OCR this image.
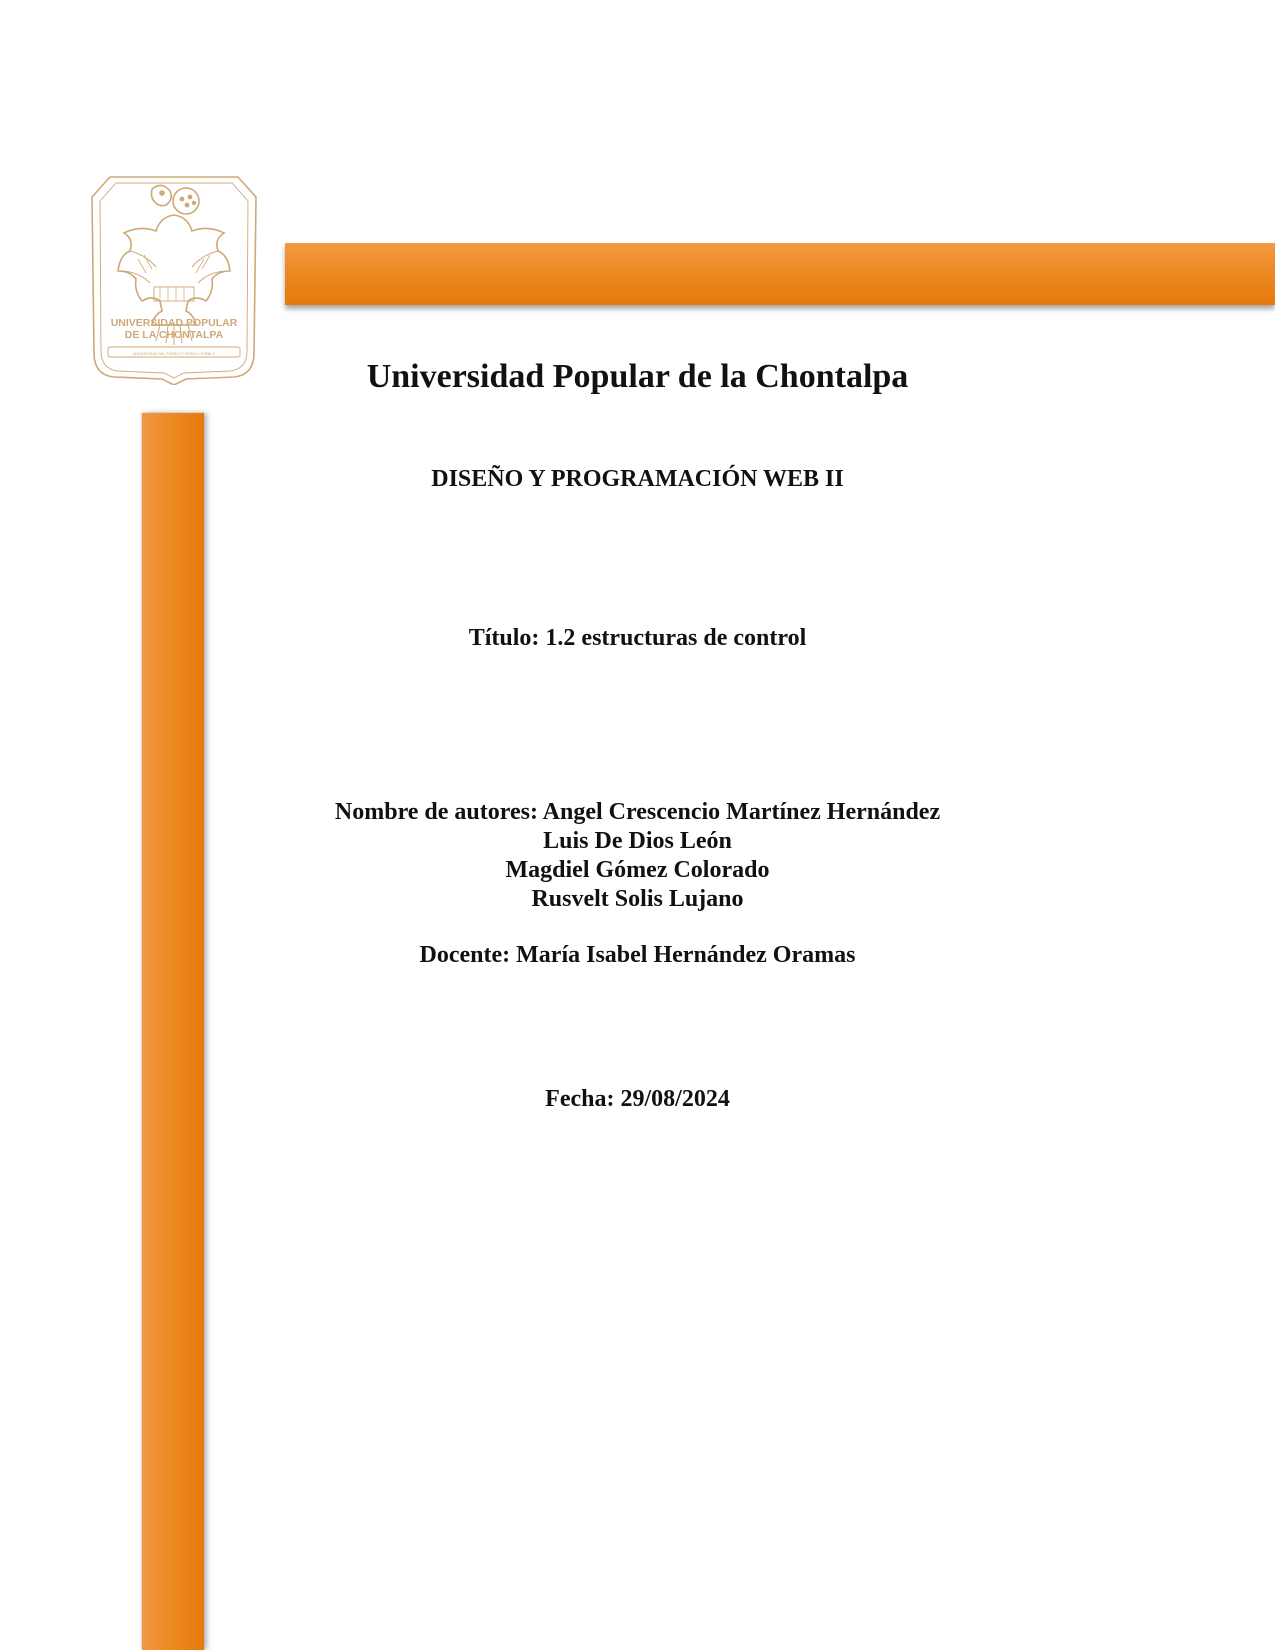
UNIVERSIDAD POPULAR
DE LA CHONTALPA
UNIVERSIDAD DEL PUEBLO Y PARA EL PUEBLO
Universidad Popular de la Chontalpa
DISEÑO Y PROGRAMACIÓN WEB II
Título: 1.2 estructuras de control
Nombre de autores: Angel Crescencio Martínez Hernández
Luis De Dios León
Magdiel Gómez Colorado
Rusvelt Solis Lujano
Docente: María Isabel Hernández Oramas
Fecha: 29/08/2024
